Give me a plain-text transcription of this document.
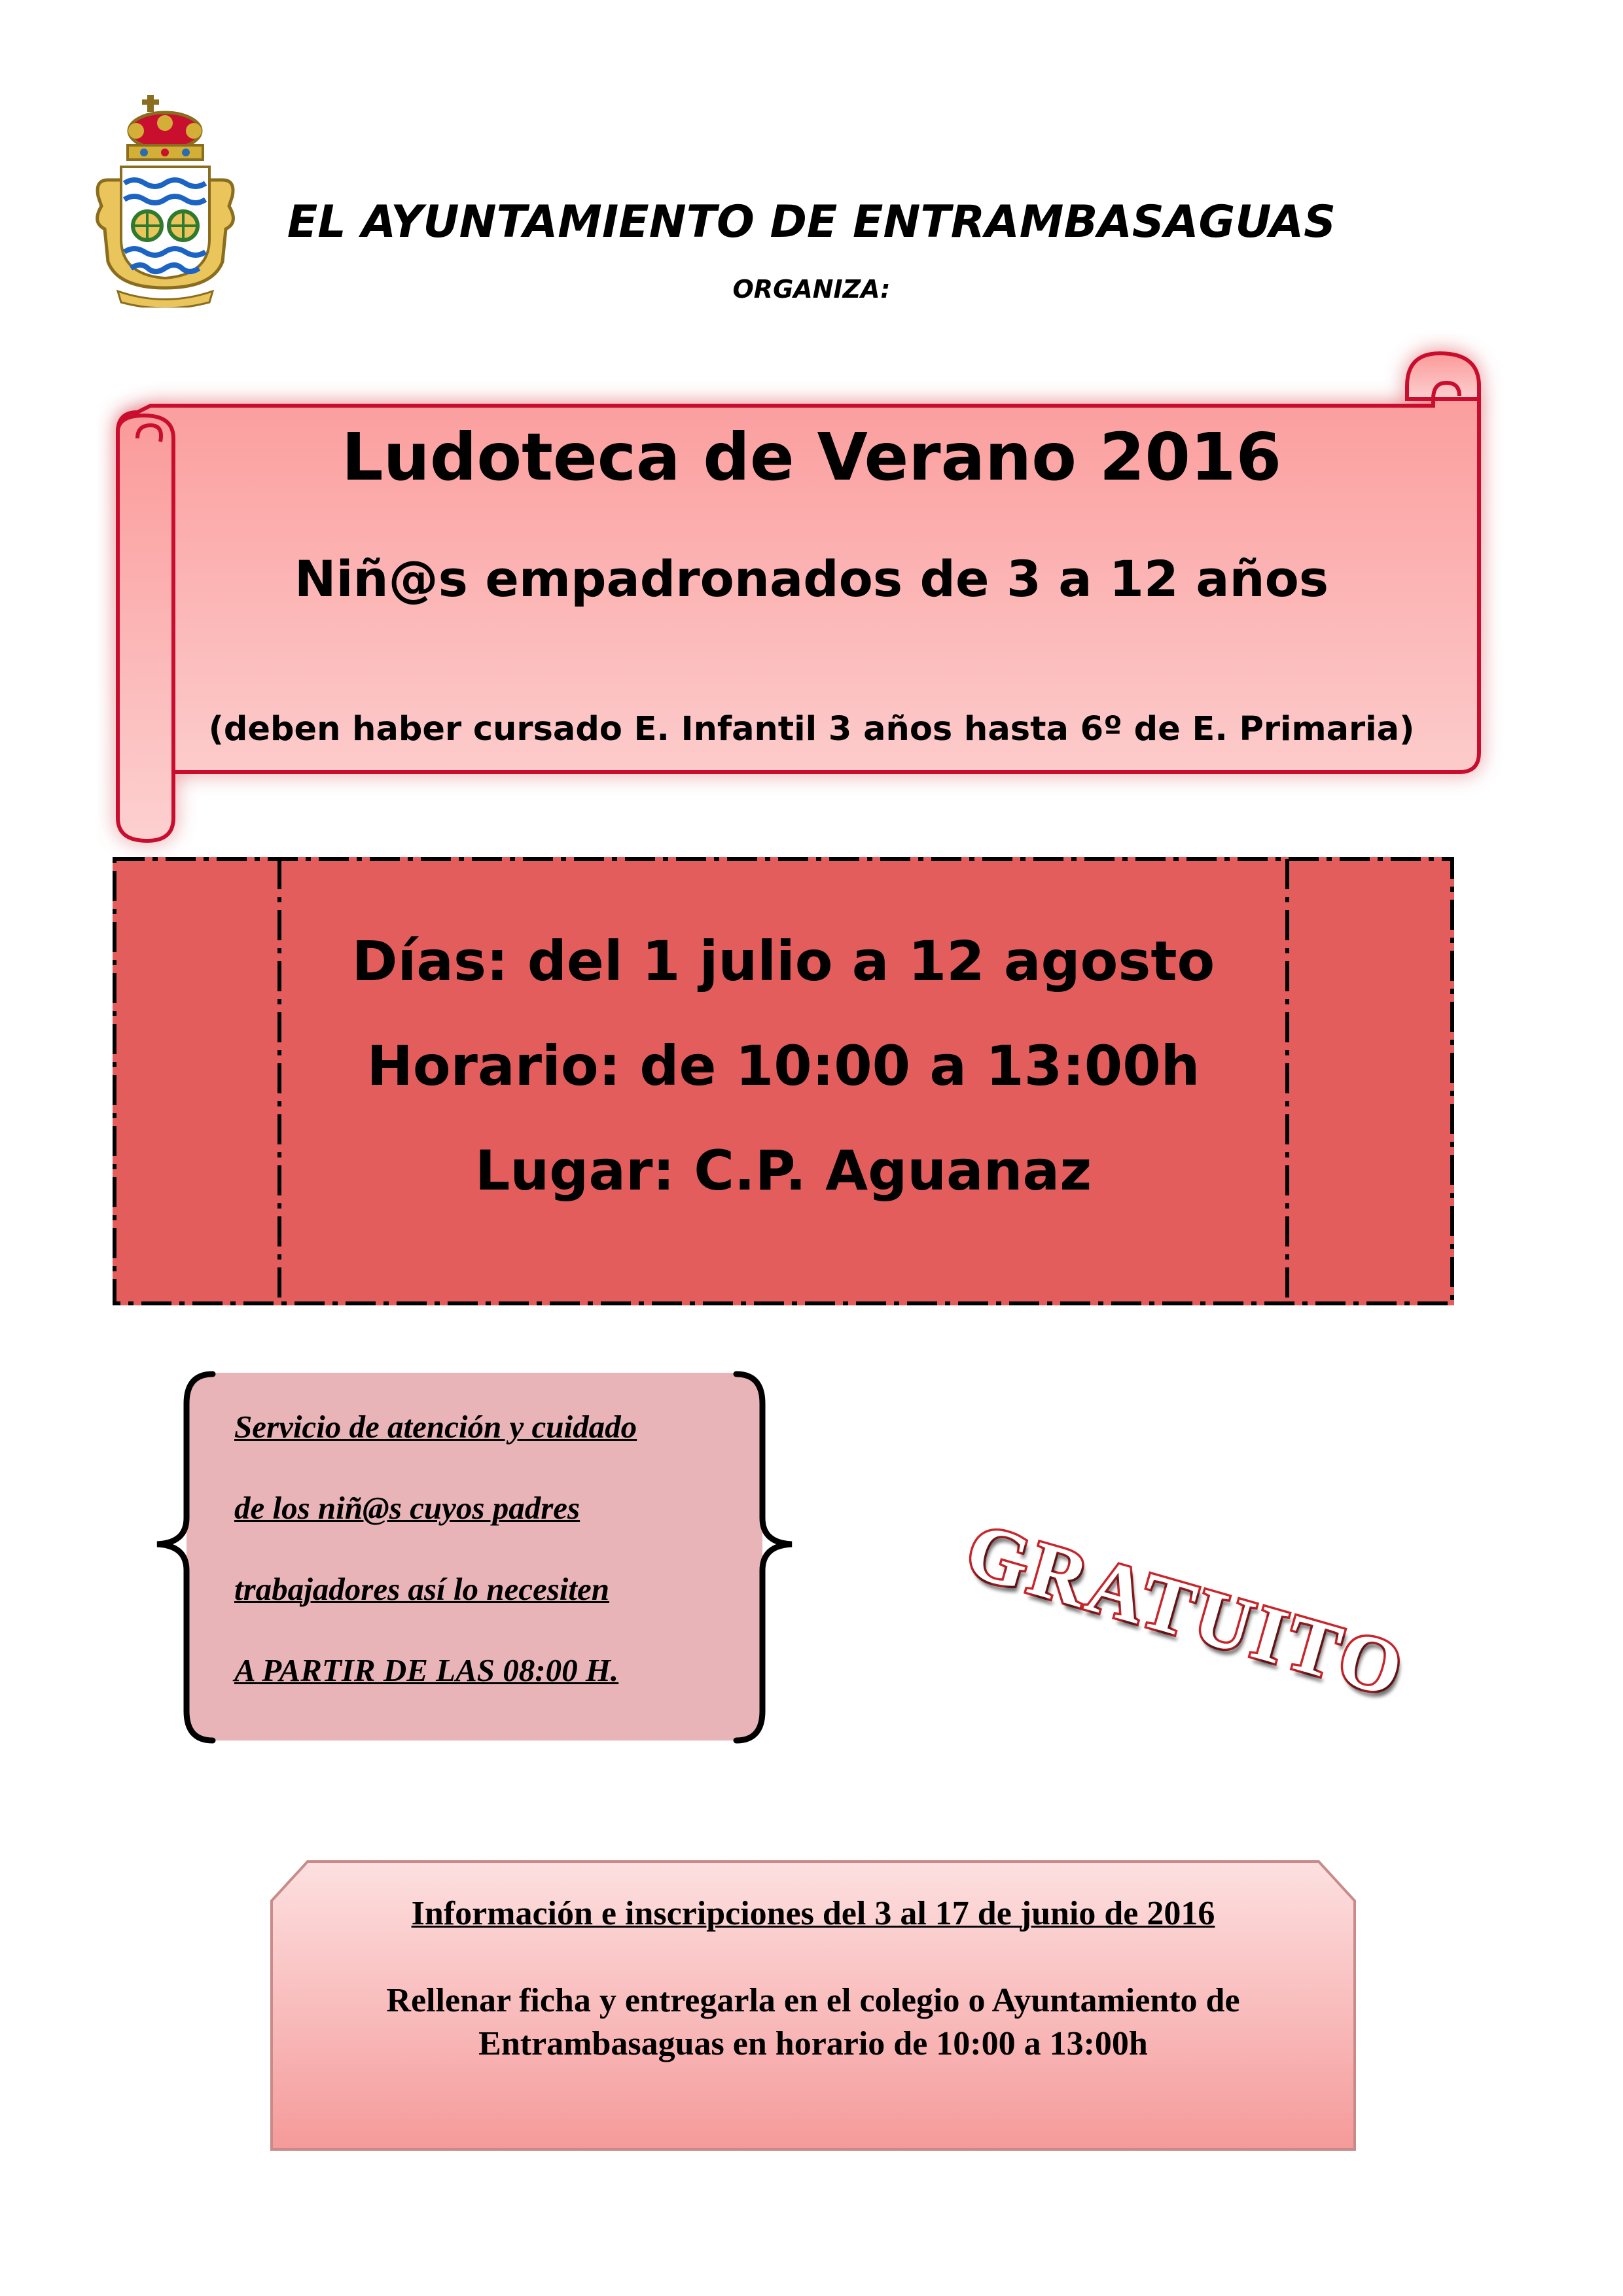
EL AYUNTAMIENTO DE ENTRAMBASAGUAS
ORGANIZA:
Ludoteca de Verano 2016
Niñ@s empadronados de 3 a 12 años
(deben haber cursado E. Infantil 3 años hasta 6º de E. Primaria)
Días: del 1 julio a 12 agosto
Horario: de 10:00 a 13:00h
Lugar: C.P. Aguanaz
Servicio de atención y cuidado
de los niñ@s cuyos padres
trabajadores así lo necesiten
A PARTIR DE LAS 08:00 H.	GRATUITO
Información e inscripciones del 3 al 17 de junio de 2016
Rellenar ficha y entregarla en el colegio o Ayuntamiento de
Entrambasaguas en horario de 10:00 a 13:00h
